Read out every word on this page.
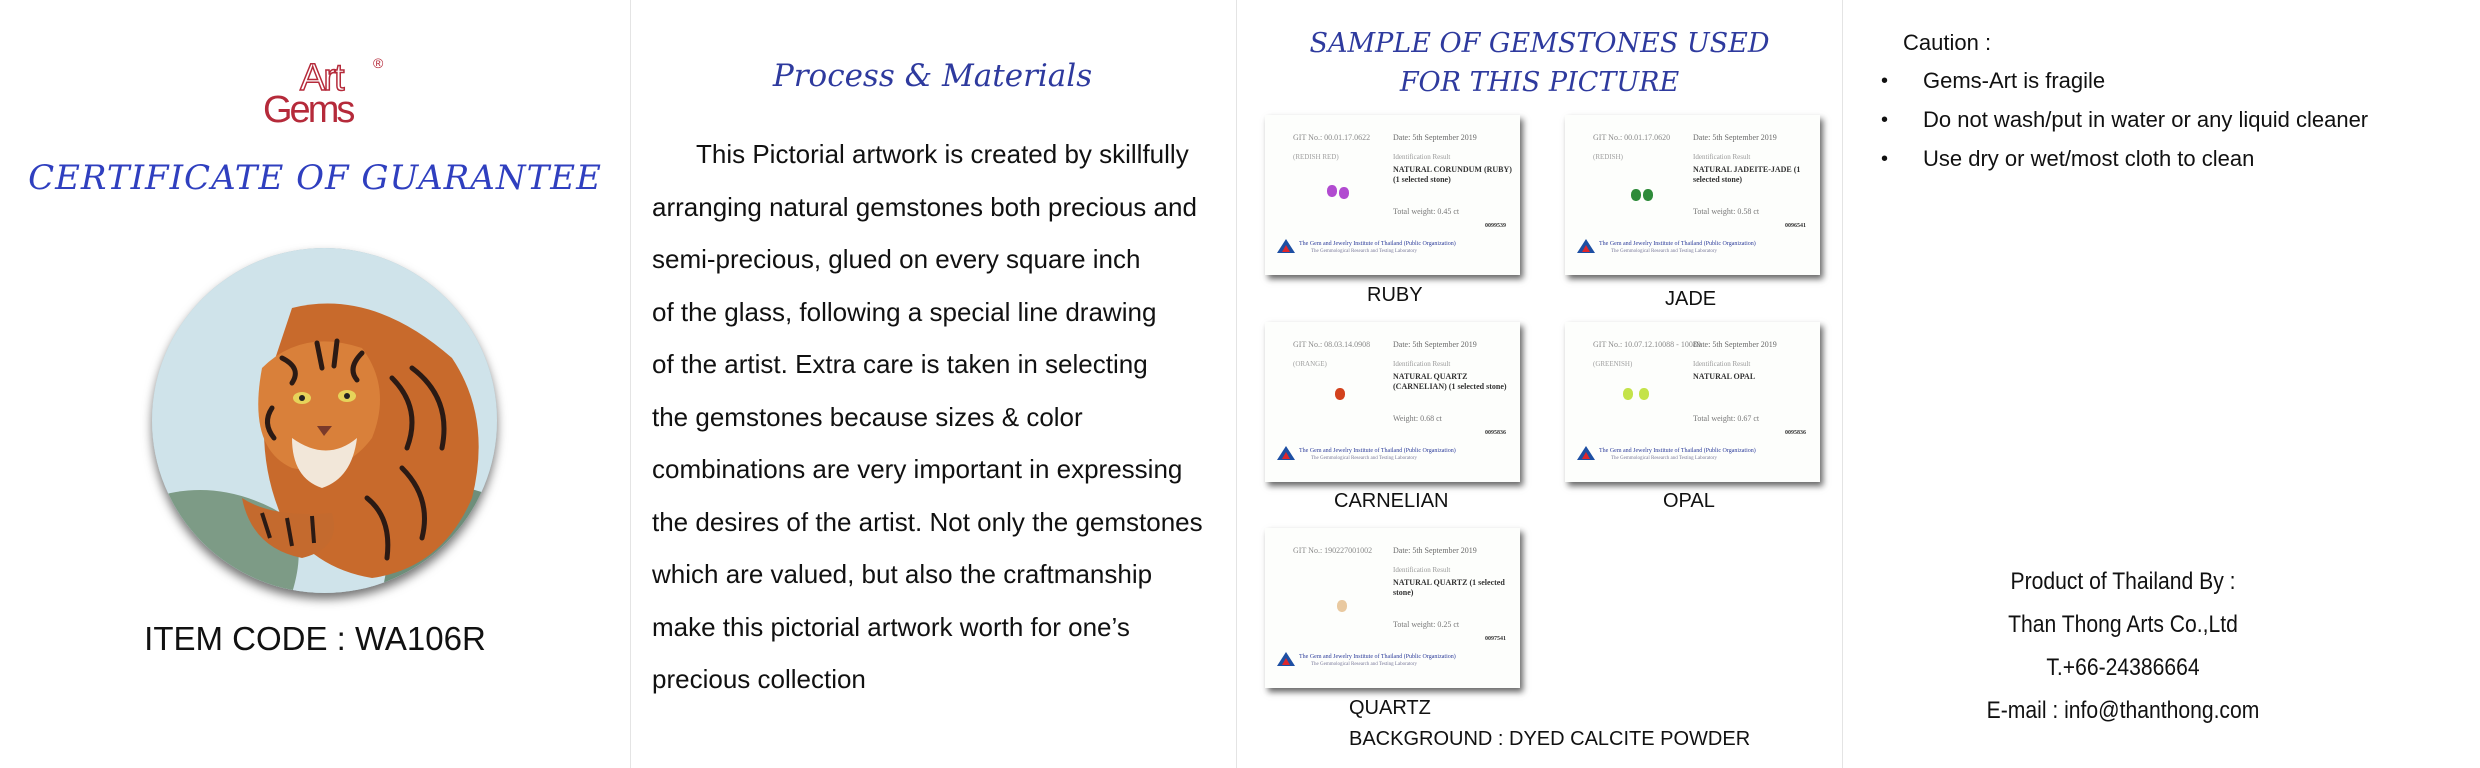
Gems
Art ®
CERTIFICATE OF GUARANTEE
ITEM CODE : WA106R
Process & Materials
This Pictorial artwork is created by skillfully
arranging natural gemstones both precious and
semi-precious, glued on every square inch
of the glass, following a special line drawing
of the artist. Extra care is taken in selecting
the gemstones because sizes & color
combinations are very important in expressing
the desires of the artist. Not only the gemstones
which are valued, but also the craftmanship
make this pictorial artwork worth for one’s
precious collection
SAMPLE OF GEMSTONES USED
FOR THIS PICTURE
GIT No.: 00.01.17.0622	Date: 5th September 2019
(REDISH RED)	Identification Result
NATURAL CORUNDUM (RUBY) (1 selected stone)
Total weight: 0.45 ct
0099539
The Gem and Jewelry Institute of Thailand (Public Organization)
The Gemmological Research and Testing Laboratory
RUBY
GIT No.: 00.01.17.0620	Date: 5th September 2019
(REDISH)	Identification Result
NATURAL JADEITE-JADE (1 selected stone)
Total weight: 0.58 ct
0096541
The Gem and Jewelry Institute of Thailand (Public Organization)
The Gemmological Research and Testing Laboratory
JADE
GIT No.: 08.03.14.0908	Date: 5th September 2019
(ORANGE)	Identification Result
NATURAL QUARTZ (CARNELIAN) (1 selected stone)
Weight: 0.68 ct
0095836
The Gem and Jewelry Institute of Thailand (Public Organization)
The Gemmological Research and Testing Laboratory
CARNELIAN
GIT No.: 10.07.12.10088 - 10089
Date: 5th September 2019
(GREENISH)	Identification Result
NATURAL OPAL
Total weight: 0.67 ct
0095836
The Gem and Jewelry Institute of Thailand (Public Organization)
The Gemmological Research and Testing Laboratory
OPAL
GIT No.: 190227001002	Date: 5th September 2019
Identification Result
NATURAL QUARTZ (1 selected stone)
Total weight: 0.25 ct
0097541
The Gem and Jewelry Institute of Thailand (Public Organization)
The Gemmological Research and Testing Laboratory
QUARTZ
BACKGROUND : DYED CALCITE POWDER
Caution :
• Gems-Art is fragile
• Do not wash/put in water or any liquid cleaner
• Use dry or wet/most cloth to clean
Product of Thailand By :
Than Thong Arts Co.,Ltd
T.+66-24386664
E-mail : info@thanthong.com
